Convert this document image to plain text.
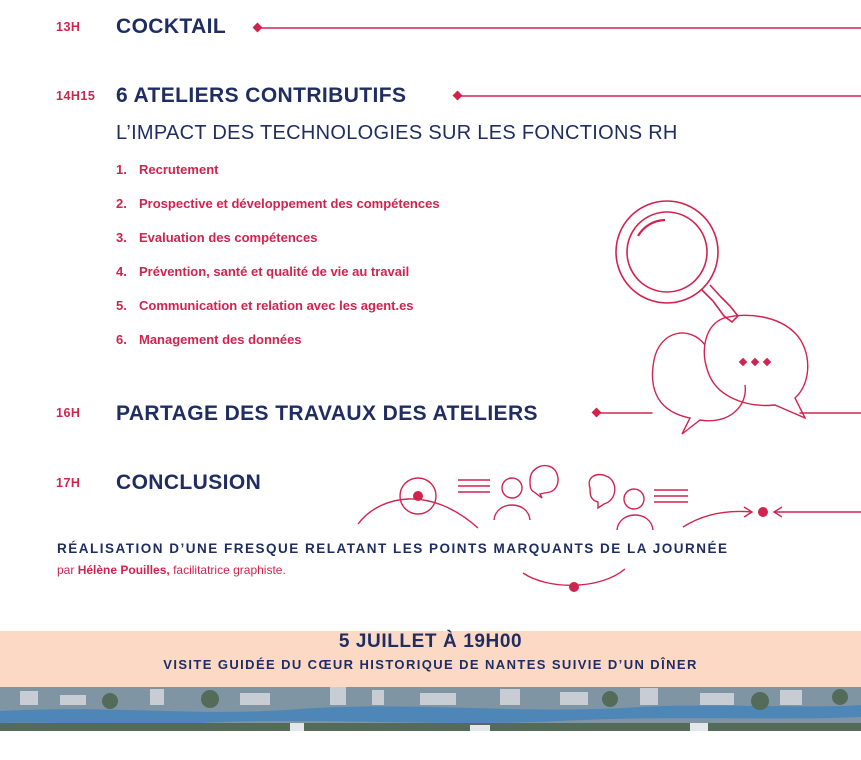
13H COCKTAIL
14H15 6 ATELIERS CONTRIBUTIFS
L’IMPACT DES TECHNOLOGIES SUR LES FONCTIONS RH
1. Recrutement
2. Prospective et développement des compétences
3. Evaluation des compétences
4. Prévention, santé et qualité de vie au travail
5. Communication et relation avec les agent.es
6. Management des données
16H PARTAGE DES TRAVAUX DES ATELIERS
17H CONCLUSION
RÉALISATION D’UNE FRESQUE RELATANT LES POINTS MARQUANTS DE LA JOURNÉE
par Hélène Pouilles, facilitatrice graphiste.
5 JUILLET À 19H00
VISITE GUIDÉE DU CŒUR HISTORIQUE DE NANTES SUIVIE D’UN DÎNER
